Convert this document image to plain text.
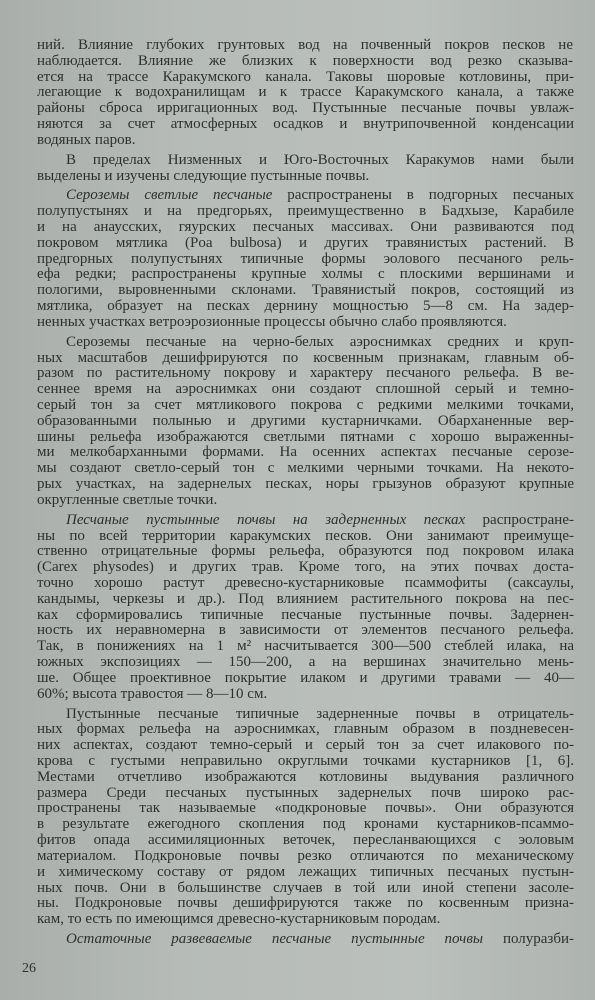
ний. Влияние глубоких грунтовых вод на почвенный покров песков не
наблюдается. Влияние же близких к поверхности вод резко сказыва-
ется на трассе Каракумского канала. Таковы шоровые котловины, при-
легающие к водохранилищам и к трассе Каракумского канала, а также
районы сброса ирригационных вод. Пустынные песчаные почвы увлаж-
няются за счет атмосферных осадков и внутрипочвенной конденсации
водяных паров.
В пределах Низменных и Юго-Восточных Каракумов нами были
выделены и изучены следующие пустынные почвы.
Сероземы светлые песчаные распространены в подгорных песчаных
полупустынях и на предгорьях, преимущественно в Бадхызе, Карабиле
и на анаусских, гяурских песчаных массивах. Они развиваются под
покровом мятлика (Poa bulbosa) и других травянистых растений. В
предгорных полупустынях типичные формы эолового песчаного рель-
ефа редки; распространены крупные холмы с плоскими вершинами и
пологими, выровненными склонами. Травянистый покров, состоящий из
мятлика, образует на песках дернину мощностью 5—8 см. На задер-
ненных участках ветроэрозионные процессы обычно слабо проявляются.
Сероземы песчаные на черно-белых аэроснимках средних и круп-
ных масштабов дешифрируются по косвенным признакам, главным об-
разом по растительному покрову и характеру песчаного рельефа. В ве-
сеннее время на аэроснимках они создают сплошной серый и темно-
серый тон за счет мятликового покрова с редкими мелкими точками,
образованными полынью и другими кустарничками. Обарханенные вер-
шины рельефа изображаются светлыми пятнами с хорошо выраженны-
ми мелкобарханными формами. На осенних аспектах песчаные серозе-
мы создают светло-серый тон с мелкими черными точками. На некото-
рых участках, на задернелых песках, норы грызунов образуют крупные
округленные светлые точки.
Песчаные пустынные почвы на задерненных песках распростране-
ны по всей территории каракумских песков. Они занимают преимуще-
ственно отрицательные формы рельефа, образуются под покровом илака
(Carex physodes) и других трав. Кроме того, на этих почвах доста-
точно хорошо растут древесно-кустарниковые псаммофиты (саксаулы,
кандымы, черкезы и др.). Под влиянием растительного покрова на пес-
ках сформировались типичные песчаные пустынные почвы. Задернен-
ность их неравномерна в зависимости от элементов песчаного рельефа.
Так, в понижениях на 1 м² насчитывается 300—500 стеблей илака, на
южных экспозициях — 150—200, а на вершинах значительно мень-
ше. Общее проективное покрытие илаком и другими травами — 40—
60%; высота травостоя — 8—10 см.
Пустынные песчаные типичные задерненные почвы в отрицатель-
ных формах рельефа на аэроснимках, главным образом в поздневесен-
них аспектах, создают темно-серый и серый тон за счет илакового по-
крова с густыми неправильно округлыми точками кустарников [1, 6].
Местами отчетливо изображаются котловины выдувания различного
размера Среди песчаных пустынных задернелых почв широко рас-
пространены так называемые «подкроновые почвы». Они образуются
в результате ежегодного скопления под кронами кустарников-псаммо-
фитов опада ассимиляционных веточек, пересланвающихся с эоловым
материалом. Подкроновые почвы резко отличаются по механическому
и химическому составу от рядом лежащих типичных песчаных пустын-
ных почв. Они в большинстве случаев в той или иной степени засоле-
ны. Подкроновые почвы дешифрируются также по косвенным призна-
кам, то есть по имеющимся древесно-кустарниковым породам.
Остаточные развеваемые песчаные пустынные почвы полуразби-
26
